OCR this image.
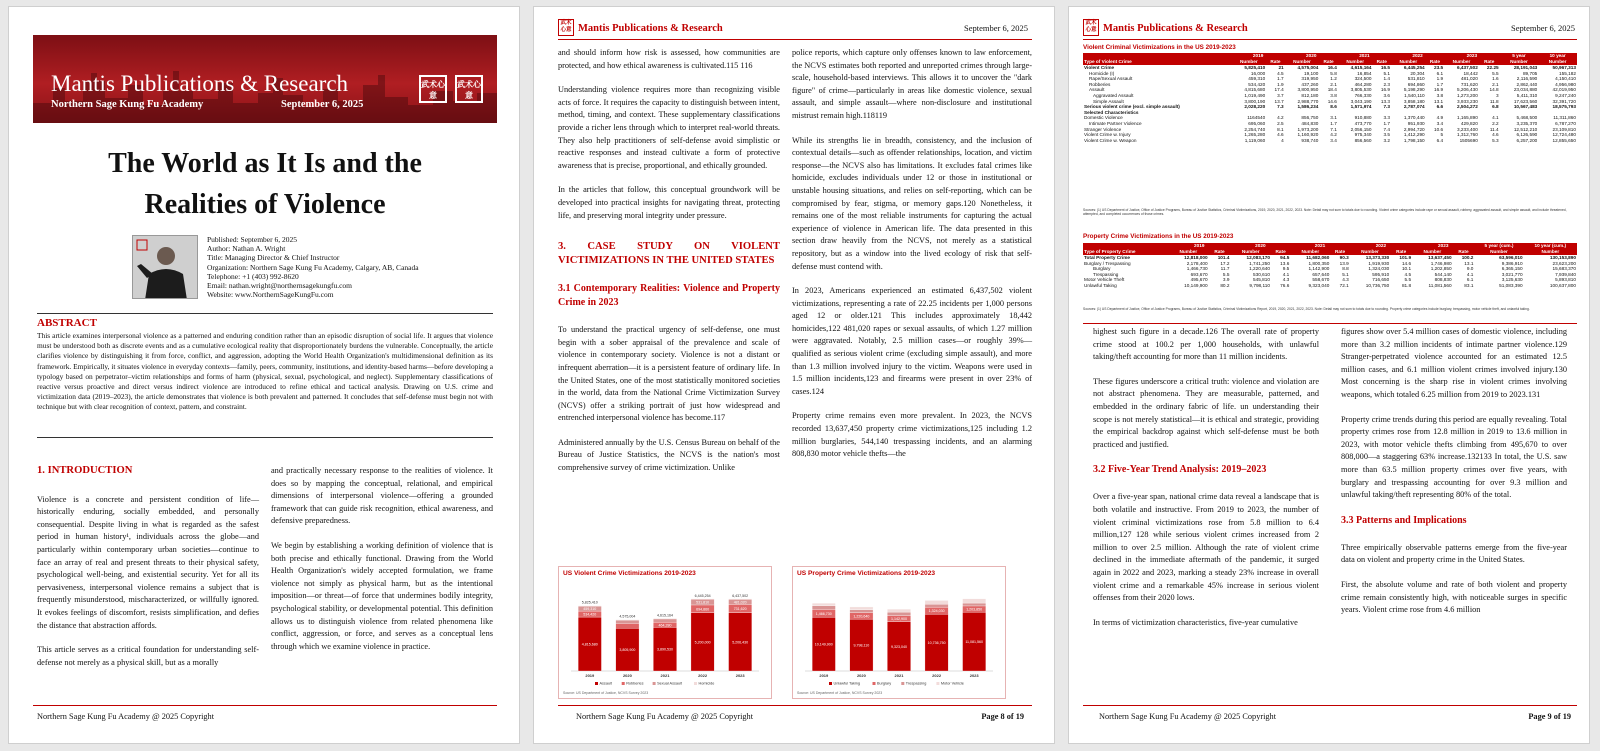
Mantis Publications & Research
Northern Sage Kung Fu Academy	September 6, 2025
武术心意
武术心意
The World as It Is and the
Realities of Violence
Published: September 6, 2025
Author: Nathan A. Wright
Title: Managing Director & Chief Instructor
Organization: Northern Sage Kung Fu Academy, Calgary, AB, Canada
Telephone: +1 (403) 992-8620
Email: nathan.wright@northernsagekungfu.com
Website: www.NorthernSageKungFu.com
ABSTRACT
This article examines interpersonal violence as a patterned and enduring condition rather than an episodic disruption of social life. It argues that violence must be understood both as discrete events and as a cumulative ecological reality that disproportionately burdens the vulnerable. Conceptually, the article clarifies violence by distinguishing it from force, conflict, and aggression, adopting the World Health Organization's multidimensional definition as its framework. Empirically, it situates violence in everyday contexts—family, peers, community, institutions, and identity-based harms—before developing a typology based on perpetrator–victim relationships and forms of harm (physical, sexual, psychological, and neglect). Supplementary classifications of reactive versus proactive and direct versus indirect violence are introduced to refine ethical and tactical analysis. Drawing on U.S. crime and victimization data (2019–2023), the article demonstrates that violence is both prevalent and patterned. It concludes that self-defense must begin not with technique but with clear recognition of context, pattern, and constraint.
1. INTRODUCTION

Violence is a concrete and persistent condition of life—historically enduring, socially embedded, and personally consequential. Despite living in what is regarded as the safest period in human history¹, individuals across the globe—and particularly within contemporary urban societies—continue to face an array of real and present threats to their physical safety, psychological well-being, and existential security. Yet for all its pervasiveness, interpersonal violence remains a subject that is frequently misunderstood, mischaracterized, or willfully ignored. It evokes feelings of discomfort, resists simplification, and defies the distance that abstraction affords.

This article serves as a critical foundation for understanding self-defense not merely as a physical skill, but as a morally

and practically necessary response to the realities of violence. It does so by mapping the conceptual, relational, and empirical dimensions of interpersonal violence—offering a grounded framework that can guide risk recognition, ethical awareness, and defensive preparedness.

We begin by establishing a working definition of violence that is both precise and ethically functional. Drawing from the World Health Organization's widely accepted formulation, we frame violence not simply as physical harm, but as the intentional imposition—or threat—of force that undermines bodily integrity, psychological stability, or developmental potential. This definition allows us to distinguish violence from related phenomena like conflict, aggression, or force, and serves as a conceptual lens through which we examine violence in practice.

Northern Sage Kung Fu Academy @ 2025 Copyright
武术心意 Mantis Publications & Research	September 6, 2025

and should inform how risk is assessed, how communities are protected, and how ethical awareness is cultivated.115 116

Understanding violence requires more than recognizing visible acts of force. It requires the capacity to distinguish between intent, method, timing, and context. These supplementary classifications provide a richer lens through which to interpret real-world threats. They also help practitioners of self-defense avoid simplistic or reactive responses and instead cultivate a form of protective awareness that is precise, proportional, and ethically grounded.

In the articles that follow, this conceptual groundwork will be developed into practical insights for navigating threat, protecting life, and preserving moral integrity under pressure.

3. CASE STUDY ON VIOLENT VICTIMIZATIONS IN THE UNITED STATES
3.1 Contemporary Realities: Violence and Property Crime in 2023

To understand the practical urgency of self-defense, one must begin with a sober appraisal of the prevalence and scale of violence in contemporary society. Violence is not a distant or infrequent aberration—it is a persistent feature of ordinary life. In the United States, one of the most statistically monitored societies in the world, data from the National Crime Victimization Survey (NCVS) offer a striking portrait of just how widespread and entrenched interpersonal violence has become.117

Administered annually by the U.S. Census Bureau on behalf of the Bureau of Justice Statistics, the NCVS is the nation's most comprehensive survey of crime victimization. Unlike

police reports, which capture only offenses known to law enforcement, the NCVS estimates both reported and unreported crimes through large-scale, household-based interviews. This allows it to uncover the "dark figure" of crime—particularly in areas like domestic violence, sexual assault, and simple assault—where non-disclosure and institutional mistrust remain high.118119

While its strengths lie in breadth, consistency, and the inclusion of contextual details—such as offender relationships, location, and victim response—the NCVS also has limitations. It excludes fatal crimes like homicide, excludes individuals under 12 or those in institutional or unstable housing situations, and relies on self-reporting, which can be compromised by fear, stigma, or memory gaps.120 Nonetheless, it remains one of the most reliable instruments for capturing the actual experience of violence in American life. The data presented in this section draw heavily from the NCVS, not merely as a statistical repository, but as a window into the lived ecology of risk that self-defense must contend with.

In 2023, Americans experienced an estimated 6,437,502 violent victimizations, representing a rate of 22.25 incidents per 1,000 persons aged 12 or older.121 This includes approximately 18,442 homicides,122 481,020 rapes or sexual assaults, of which 1.27 million were aggravated. Notably, 2.5 million cases—or roughly 39%—qualified as serious violent crime (excluding simple assault), and more than 1.3 million involved injury to the victim. Weapons were used in 1.5 million incidents,123 and firearms were present in over 23% of cases.124

Property crime remains even more prevalent. In 2023, the NCVS recorded 13,637,450 property crime victimizations,125 including 1.2 million burglaries, 544,140 trespassing incidents, and an alarming 808,830 motor vehicle thefts—the

US Violent Crime Victimizations 2019-2023
4,815,680
534,420
459,310
5,825,410
2019
3,805,900
4,575,004
2020
3,890,530
464,280
4,615,164
2021
5,200,000
694,860
531,810
6,445,254
2022
5,206,430
731,620
481,020
6,437,502
2023
Assault	Robberies	Sexual Assault	Homicide
Source: US Department of Justice, NCVS Survey 2023
US Property Crime Victimizations 2019-2023
10,149,900
1,466,730
2019
9,798,110
1,220,640
2020
9,323,040
1,142,900
2021
10,736,750
1,324,030
2022
11,081,560
1,203,850
2023
Unlawful Taking	Burglary	Trespassing	Motor Vehicle
Source: US Department of Justice, NCVS Survey 2023
Northern Sage Kung Fu Academy @ 2025 Copyright	Page 8 of 19
武术心意 Mantis Publications & Research	September 6, 2025
Violent Criminal Victimizations in the US 2019-2023
	2019		2020		2021		2022		2023		5 year	10 year
Type of Violent Crime	Number	Rate	Number	Rate	Number	Rate	Number	Rate	Number	Rate	Number	Number
Violent Crime	5,825,410	21	4,575,004	16.4	4,615,164	16.5	6,445,254	23.5	6,437,502	22.25	28,191,043	50,967,313
Homicide (I)	16,000	4.5	19,100	5.8	16,854	5.1	20,304	6.1	18,442	5.5	89,705	155,182
Rape/Sexual Assault	459,310	1.7	319,950	1.2	324,500	1.4	531,810	1.9	481,020	1.6	2,116,590	4,150,410
Robberies	534,420	1.9	437,260	2.1	464,280	2.3	694,860	1.7	731,620	2.1	2,862,440	4,956,980
Assault	4,815,680	17.4	3,800,950	18.4	3,805,530	16.9	5,198,290	16.9	5,206,430	14.8	23,034,880	42,019,950
Aggravated Assault	1,019,490	3.7	812,180	3.8	766,330	3.6	1,540,110	3.8	1,273,200	3	5,411,310	9,247,240
Simple Assault	3,800,190	13.7	2,988,770	14.6	3,043,190	13.3	3,858,180	13.1	3,933,230	11.8	17,623,560	32,391,720
Serious violent crime (excl. simple assault)	2,028,220	7.3	1,586,234	8.6	1,571,974	7.3	2,787,074	6.6	2,504,272	6.8	10,567,483	18,575,793
Selected Characteristics												
Domestic Violence	1164540	4.2	856,750	3.1	910,880	3.3	1,370,440	4.9	1,165,890	4.1	5,468,500	11,311,860
Intimate Partner Violence	695,060	2.5	484,830	1.7	473,770	1.7	951,930	3.4	429,820	2.2	3,235,370	6,787,270
Stranger Violence	2,254,740	8.1	1,973,200	7.1	2,056,150	7.4	2,994,720	10.6	3,233,400	11.4	12,512,210	23,109,810
Violent Crime w. Injury	1,265,280	4.6	1,160,920	4.2	975,340	3.5	1,412,290	5	1,312,760	4.6	6,126,590	12,724,480
Violent Crime w. Weapon	1,119,060	4	938,740	3.4	856,560	3.2	1,798,150	6.4	1505690	5.3	6,257,200	12,855,650
Sources: (1) US Department of Justice, Office of Justice Programs, Bureau of Justice Statistics, Criminal Victimizations, 2019, 2020, 2021, 2022, 2023. Note: Detail may not sum to totals due to rounding. Violent crime categories include rape or sexual assault, robbery, aggravated assault, and simple assault, and include threatened, attempted, and completed occurrences of those crimes.
Property Crime Victimizations in the US 2019-2023
	2019		2020		2021		2022		2023		5 year (cum.)	10 year (cum.)
Type of Property Crime	Number	Rate	Number	Rate	Number	Rate	Number	Rate	Number	Rate	Number	Number
Total Property Crime	12,818,000	101.4	12,083,170	94.5	11,682,060	90.3	13,373,330	101.9	13,637,450	100.2	63,596,010	130,153,890
Burglary / Trespassing	2,178,400	17.2	1,741,250	13.6	1,800,350	13.9	1,919,930	14.6	1,746,980	13.1	9,386,910	23,623,200
Burglary	1,466,730	11.7	1,220,640	9.5	1,142,900	8.8	1,324,030	10.1	1,202,850	9.0	6,365,150	15,683,370
Trespassing	693,670	5.5	530,610	4.1	657,640	5.1	595,910	4.5	544,140	4.1	3,021,770	7,939,840
Motor Vehicle Theft	495,670	3.9	545,810	4.3	558,670	4.3	716,650	5.5	808,830	6.1	3,125,630	5,893,810
Unlawful Taking	10,149,900	80.2	9,798,110	76.6	9,323,040	72.1	10,736,750	81.8	11,081,560	83.1	51,083,390	100,637,800
Sources: (1) US Department of Justice, Office of Justice Programs, Bureau of Justice Statistics, Criminal Victimizations Report, 2019, 2020, 2021, 2022, 2023. Note: Detail may not sum to totals due to rounding. Property crime categories include burglary, trespassing, motor vehicle theft, and unlawful taking.

highest such figure in a decade.126 The overall rate of property crime stood at 100.2 per 1,000 households, with unlawful taking/theft accounting for more than 11 million incidents.

These figures underscore a critical truth: violence and violation are not abstract phenomena. They are measurable, patterned, and embedded in the ordinary fabric of life. un understanding their scope is not merely statistical—it is ethical and strategic, providing the empirical backdrop against which self-defense must be both practiced and justified.

3.2 Five-Year Trend Analysis: 2019–2023

Over a five-year span, national crime data reveal a landscape that is both volatile and instructive. From 2019 to 2023, the number of violent criminal victimizations rose from 5.8 million to 6.4 million,127 128 while serious violent crimes increased from 2 million to over 2.5 million. Although the rate of violent crime declined in the immediate aftermath of the pandemic, it surged again in 2022 and 2023, marking a steady 23% increase in overall violent crime and a remarkable 45% increase in serious violent offenses from their 2020 lows.

In terms of victimization characteristics, five-year cumulative

figures show over 5.4 million cases of domestic violence, including more than 3.2 million incidents of intimate partner violence.129 Stranger-perpetrated violence accounted for an estimated 12.5 million cases, and 6.1 million violent crimes involved injury.130 Most concerning is the sharp rise in violent crimes involving weapons, which totaled 6.25 million from 2019 to 2023.131

Property crime trends during this period are equally revealing. Total property crimes rose from 12.8 million in 2019 to 13.6 million in 2023, with motor vehicle thefts climbing from 495,670 to over 808,000—a staggering 63% increase.132133 In total, the U.S. saw more than 63.5 million property crimes over five years, with burglary and trespassing accounting for over 9.3 million and unlawful taking/theft representing 80% of the total.

3.3 Patterns and Implications

Three empirically observable patterns emerge from the five-year data on violent and property crime in the United States.

First, the absolute volume and rate of both violent and property crime remain consistently high, with noticeable surges in specific years. Violent crime rose from 4.6 million

Northern Sage Kung Fu Academy @ 2025 Copyright	Page 9 of 19
